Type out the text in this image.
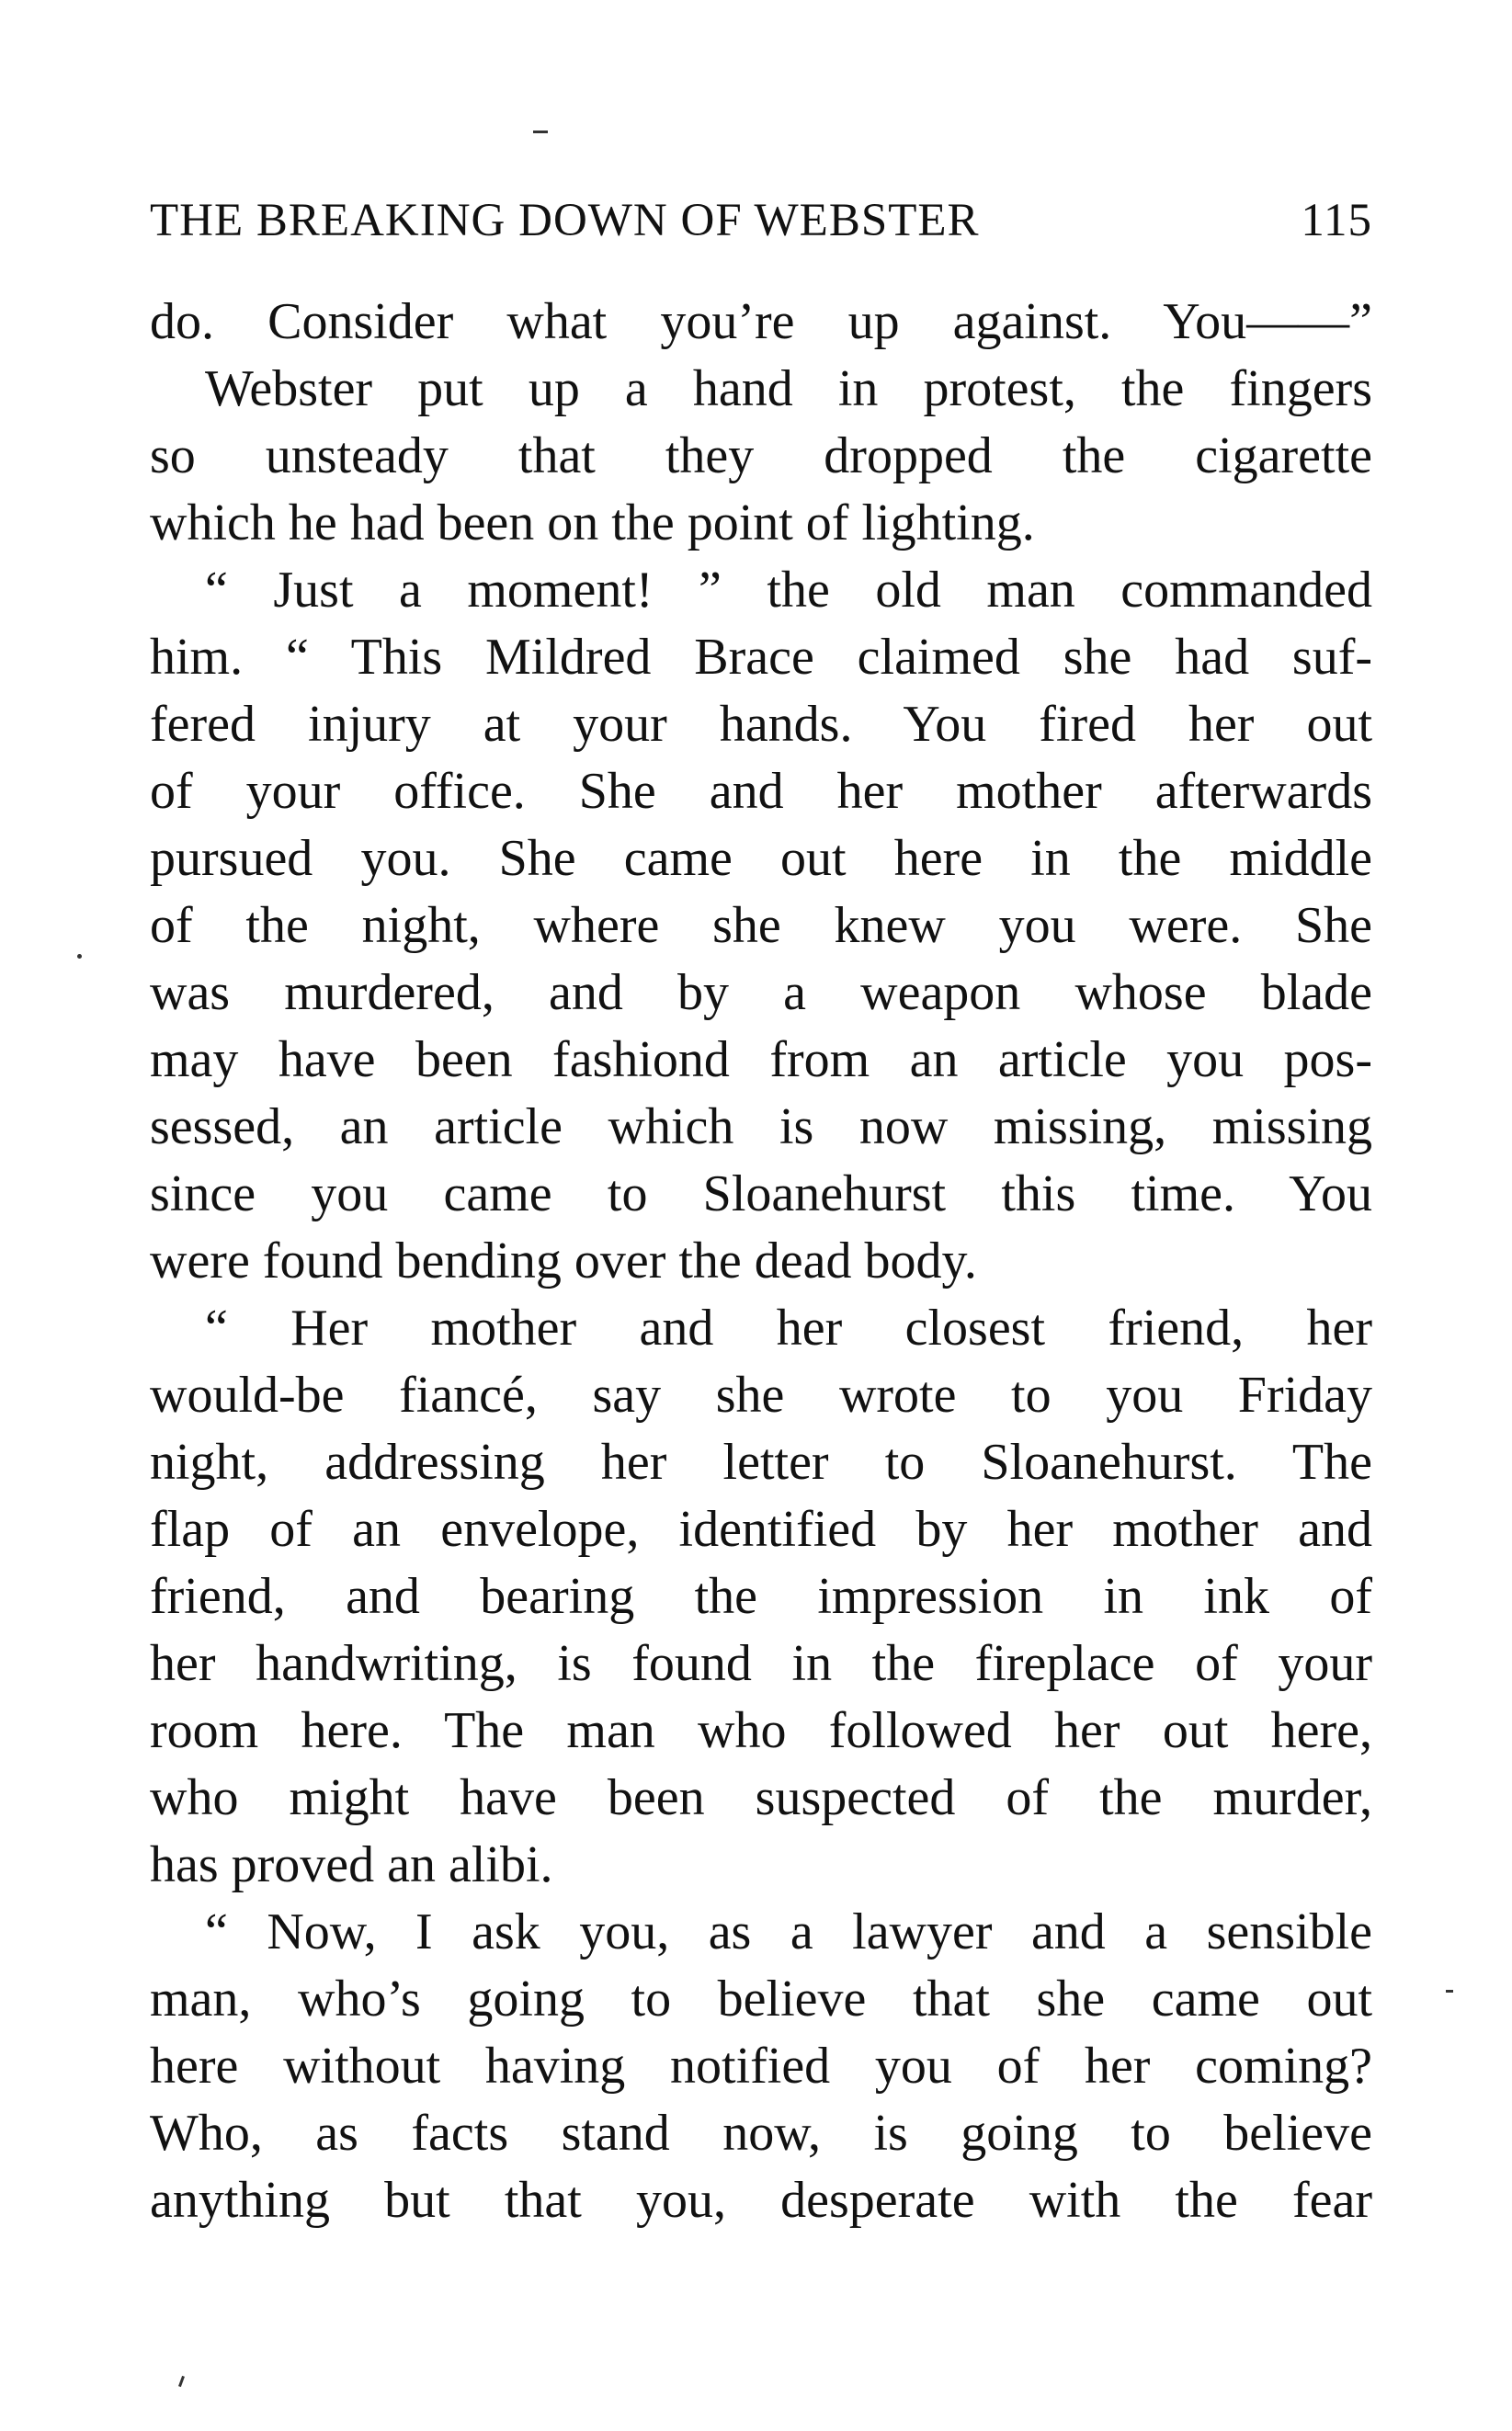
THE BREAKING DOWN OF WEBSTER	115
do. Consider what you’re up against. You——”
Webster put up a hand in protest, the fingers
so unsteady that they dropped the cigarette
which he had been on the point of lighting.
“ Just a moment! ” the old man commanded
him. “ This Mildred Brace claimed she had suf-
fered injury at your hands. You fired her out
of your office. She and her mother afterwards
pursued you. She came out here in the middle
of the night, where she knew you were. She
was murdered, and by a weapon whose blade
may have been fashiond from an article you pos-
sessed, an article which is now missing, missing
since you came to Sloanehurst this time. You
were found bending over the dead body.
“ Her mother and her closest friend, her
would-be fiancé, say she wrote to you Friday
night, addressing her letter to Sloanehurst. The
flap of an envelope, identified by her mother and
friend, and bearing the impression in ink of
her handwriting, is found in the fireplace of your
room here. The man who followed her out here,
who might have been suspected of the murder,
has proved an alibi.
“ Now, I ask you, as a lawyer and a sensible
man, who’s going to believe that she came out
here without having notified you of her coming?
Who, as facts stand now, is going to believe
anything but that you, desperate with the fear
